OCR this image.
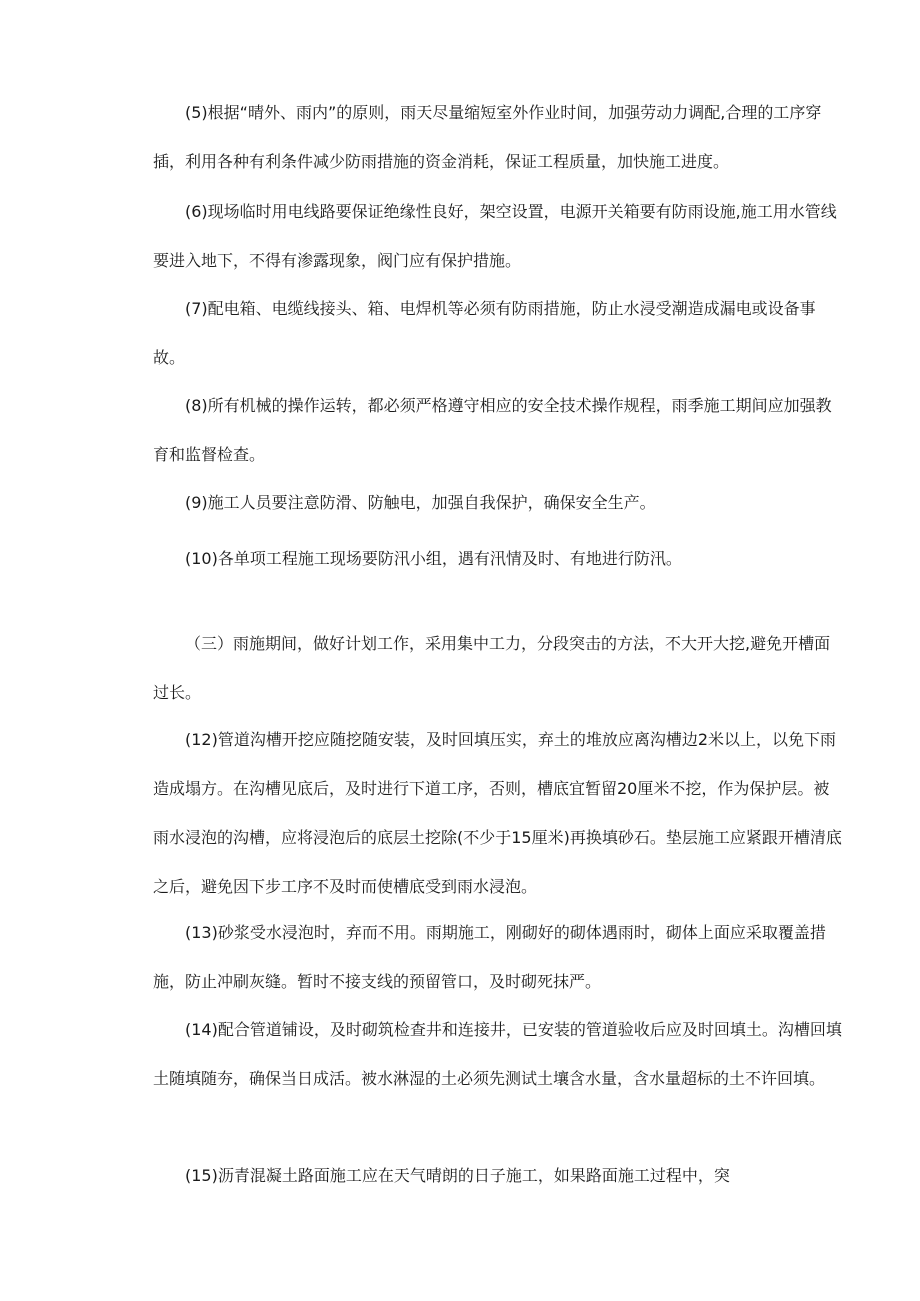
(5)根据“晴外、雨内”的原则，雨天尽量缩短室外作业时间，加强劳动力调配,合理的工序穿插，利用各种有利条件减少防雨措施的资金消耗，保证工程质量，加快施工进度。

(6)现场临时用电线路要保证绝缘性良好，架空设置，电源开关箱要有防雨设施,施工用水管线要进入地下，不得有渗露现象，阀门应有保护措施。

(7)配电箱、电缆线接头、箱、电焊机等必须有防雨措施，防止水浸受潮造成漏电或设备事故。

(8)所有机械的操作运转，都必须严格遵守相应的安全技术操作规程，雨季施工期间应加强教育和监督检查。

(9)施工人员要注意防滑、防触电，加强自我保护，确保安全生产。

(10)各单项工程施工现场要防汛小组，遇有汛情及时、有地进行防汛。

（三）雨施期间，做好计划工作，采用集中工力，分段突击的方法，不大开大挖,避免开槽面过长。

(12)管道沟槽开挖应随挖随安装，及时回填压实，弃土的堆放应离沟槽边2米以上，以免下雨造成塌方。在沟槽见底后，及时进行下道工序，否则，槽底宜暂留20厘米不挖，作为保护层。被雨水浸泡的沟槽，应将浸泡后的底层土挖除(不少于15厘米)再换填砂石。垫层施工应紧跟开槽清底之后，避免因下步工序不及时而使槽底受到雨水浸泡。

(13)砂浆受水浸泡时，弃而不用。雨期施工，刚砌好的砌体遇雨时，砌体上面应采取覆盖措施，防止冲刷灰缝。暂时不接支线的预留管口，及时砌死抹严。

(14)配合管道铺设，及时砌筑检查井和连接井，已安装的管道验收后应及时回填土。沟槽回填土随填随夯，确保当日成活。被水淋湿的土必须先测试土壤含水量，含水量超标的土不许回填。

(15)沥青混凝土路面施工应在天气晴朗的日子施工，如果路面施工过程中，突
